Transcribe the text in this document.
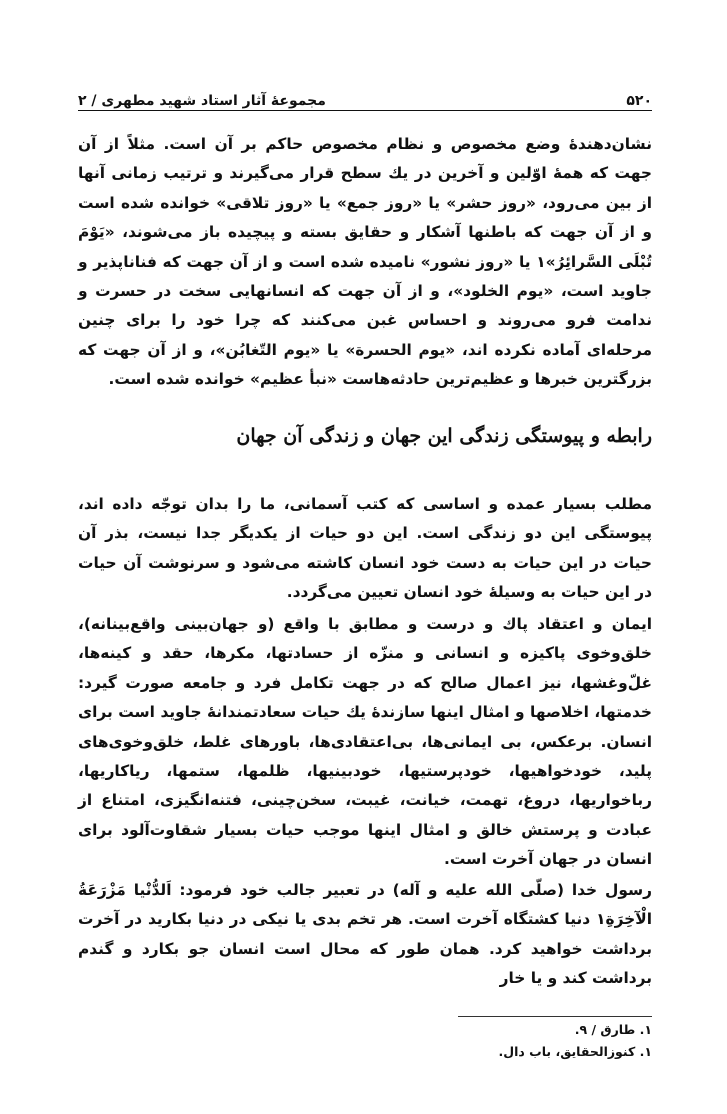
۵۲۰
مجموعهٔ آثار استاد شهید مطهری / ۲

نشان‌دهندهٔ وضع مخصوص و نظام مخصوص حاکم بر آن است. مثلاً از آن جهت که همهٔ اوّلین و آخرین در یك سطح قرار می‌گیرند و ترتیب زمانی آنها از بین می‌رود، «روز حشر» یا «روز جمع» یا «روز تلاقی» خوانده شده است و از آن جهت که باطنها آشکار و حقایق بسته و پیچیده باز می‌شوند، «یَوْمَ تُبْلَی السَّرائِرُ»۱ یا «روز نشور» نامیده شده است و از آن جهت که فناناپذیر و جاوید است، «یوم الخلود»، و از آن جهت که انسانهایی سخت در حسرت و ندامت فرو می‌روند و احساس غبن می‌کنند که چرا خود را برای چنین مرحله‌ای آماده نکرده اند، «یوم الحسرة» یا «یوم التّغابُن»، و از آن جهت که بزرگترین خبرها و عظیم‌ترین حادثه‌هاست «نبأ عظیم» خوانده شده است.

رابطه و پیوستگی زندگی این جهان و زندگی آن جهان

مطلب بسیار عمده و اساسی که کتب آسمانی، ما را بدان توجّه داده اند، پیوستگی این دو زندگی است. این دو حیات از یکدیگر جدا نیست، بذر آن حیات در این حیات به دست خود انسان کاشته می‌شود و سرنوشت آن حیات در این حیات به وسیلهٔ خود انسان تعیین می‌گردد.

ایمان و اعتقاد پاك و درست و مطابق با واقع (و جهان‌بینی واقع‌بینانه)، خلق‌وخوی پاکیزه و انسانی و منزّه از حسادتها، مکرها، حقد و کینه‌ها، غلّ‌وغشها، نیز اعمال صالح که در جهت تکامل فرد و جامعه صورت گیرد: خدمتها، اخلاصها و امثال اینها سازندهٔ یك حیات سعادتمندانهٔ جاوید است برای انسان. برعکس، بی ایمانی‌ها، بی‌اعتقادی‌ها، باورهای غلط، خلق‌وخوی‌های پلید، خودخواهیها، خودپرستیها، خودبینیها، ظلمها، ستمها، ریاکاریها، رباخواریها، دروغ، تهمت، خیانت، غیبت، سخن‌چینی، فتنه‌انگیزی، امتناع از عبادت و پرستش خالق و امثال اینها موجب حیات بسیار شقاوت‌آلود برای انسان در جهان آخرت است.

رسول خدا (صلّی الله علیه و آله) در تعبیر جالب خود فرمود: اَلدُّنْیا مَزْرَعَةُ الْآخِرَةِ۱ دنیا کشتگاه آخرت است. هر تخم بدی یا نیکی در دنیا بکارید در آخرت برداشت خواهید کرد. همان طور که محال است انسان جو بکارد و گندم برداشت کند و یا خار

۱. طارق / ۹.
۱. کنوزالحقایق، باب دال.
